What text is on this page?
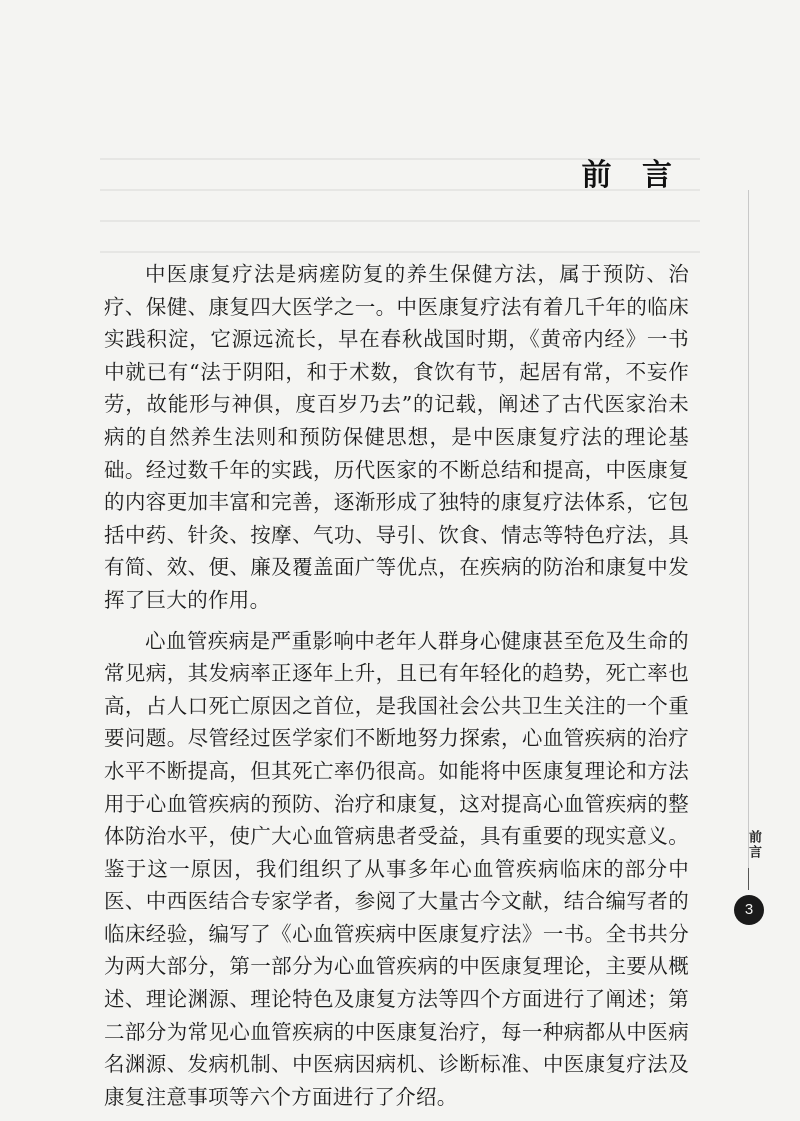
前 言

中医康复疗法是病瘥防复的养生保健方法，属于预防、治疗、保健、康复四大医学之一。中医康复疗法有着几千年的临床实践积淀，它源远流长，早在春秋战国时期，《黄帝内经》一书中就已有“法于阴阳，和于术数，食饮有节，起居有常，不妄作劳，故能形与神俱，度百岁乃去”的记载，阐述了古代医家治未病的自然养生法则和预防保健思想，是中医康复疗法的理论基础。经过数千年的实践，历代医家的不断总结和提高，中医康复的内容更加丰富和完善，逐渐形成了独特的康复疗法体系，它包括中药、针灸、按摩、气功、导引、饮食、情志等特色疗法，具有简、效、便、廉及覆盖面广等优点，在疾病的防治和康复中发挥了巨大的作用。

心血管疾病是严重影响中老年人群身心健康甚至危及生命的常见病，其发病率正逐年上升，且已有年轻化的趋势，死亡率也高，占人口死亡原因之首位，是我国社会公共卫生关注的一个重要问题。尽管经过医学家们不断地努力探索，心血管疾病的治疗水平不断提高，但其死亡率仍很高。如能将中医康复理论和方法用于心血管疾病的预防、治疗和康复，这对提高心血管疾病的整体防治水平，使广大心血管病患者受益，具有重要的现实意义。鉴于这一原因，我们组织了从事多年心血管疾病临床的部分中医、中西医结合专家学者，参阅了大量古今文献，结合编写者的临床经验，编写了《心血管疾病中医康复疗法》一书。全书共分为两大部分，第一部分为心血管疾病的中医康复理论，主要从概述、理论渊源、理论特色及康复方法等四个方面进行了阐述；第二部分为常见心血管疾病的中医康复治疗，每一种病都从中医病名渊源、发病机制、中医病因病机、诊断标准、中医康复疗法及康复注意事项等六个方面进行了介绍。

前言
3
